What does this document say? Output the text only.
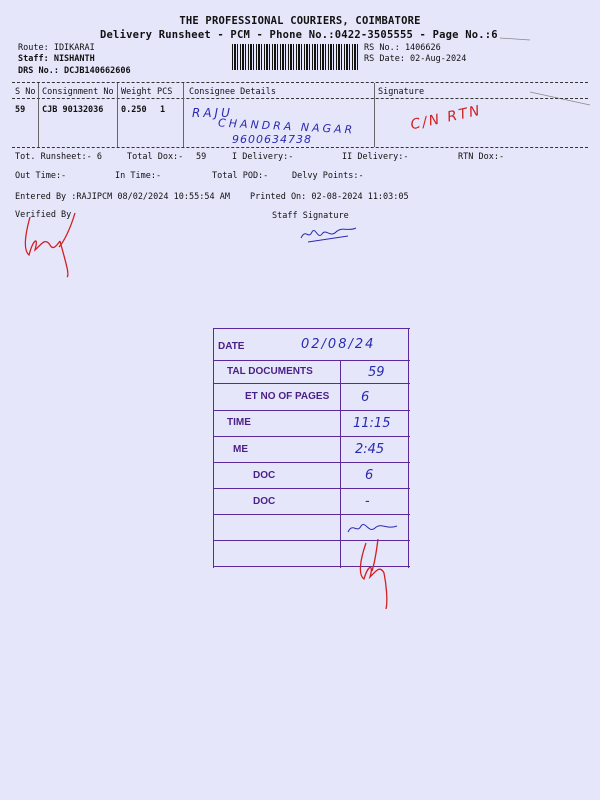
THE PROFESSIONAL COURIERS, COIMBATORE
Delivery Runsheet - PCM - Phone No.:0422-3505555 - Page No.:6
Route: IDIKARAI
Staff: NISHANTH
DRS No.: DCJB140662606
RS No.: 1406626
RS Date: 02-Aug-2024
S No Consignment No Weight PCS Consignee Details	Signature
59 CJB 90132036 0.250 1 RAJU
CHANDRA NAGAR
9600634738
C/N RTN
Tot. Runsheet:- 6	Total Dox:- 59	I Delivery:-	II Delivery:-	RTN Dox:-
Out Time:-	In Time:-	Total POD:-	Delvy Points:-
Entered By :RAJIPCM 08/02/2024 10:55:54 AM Printed On: 02-08-2024 11:03:05
Verified By	Staff Signature
DATE	02/08/24
TAL DOCUMENTS	59
ET NO OF PAGES 6
TIME	11:15
ME	2:45
DOC	6
DOC	-
